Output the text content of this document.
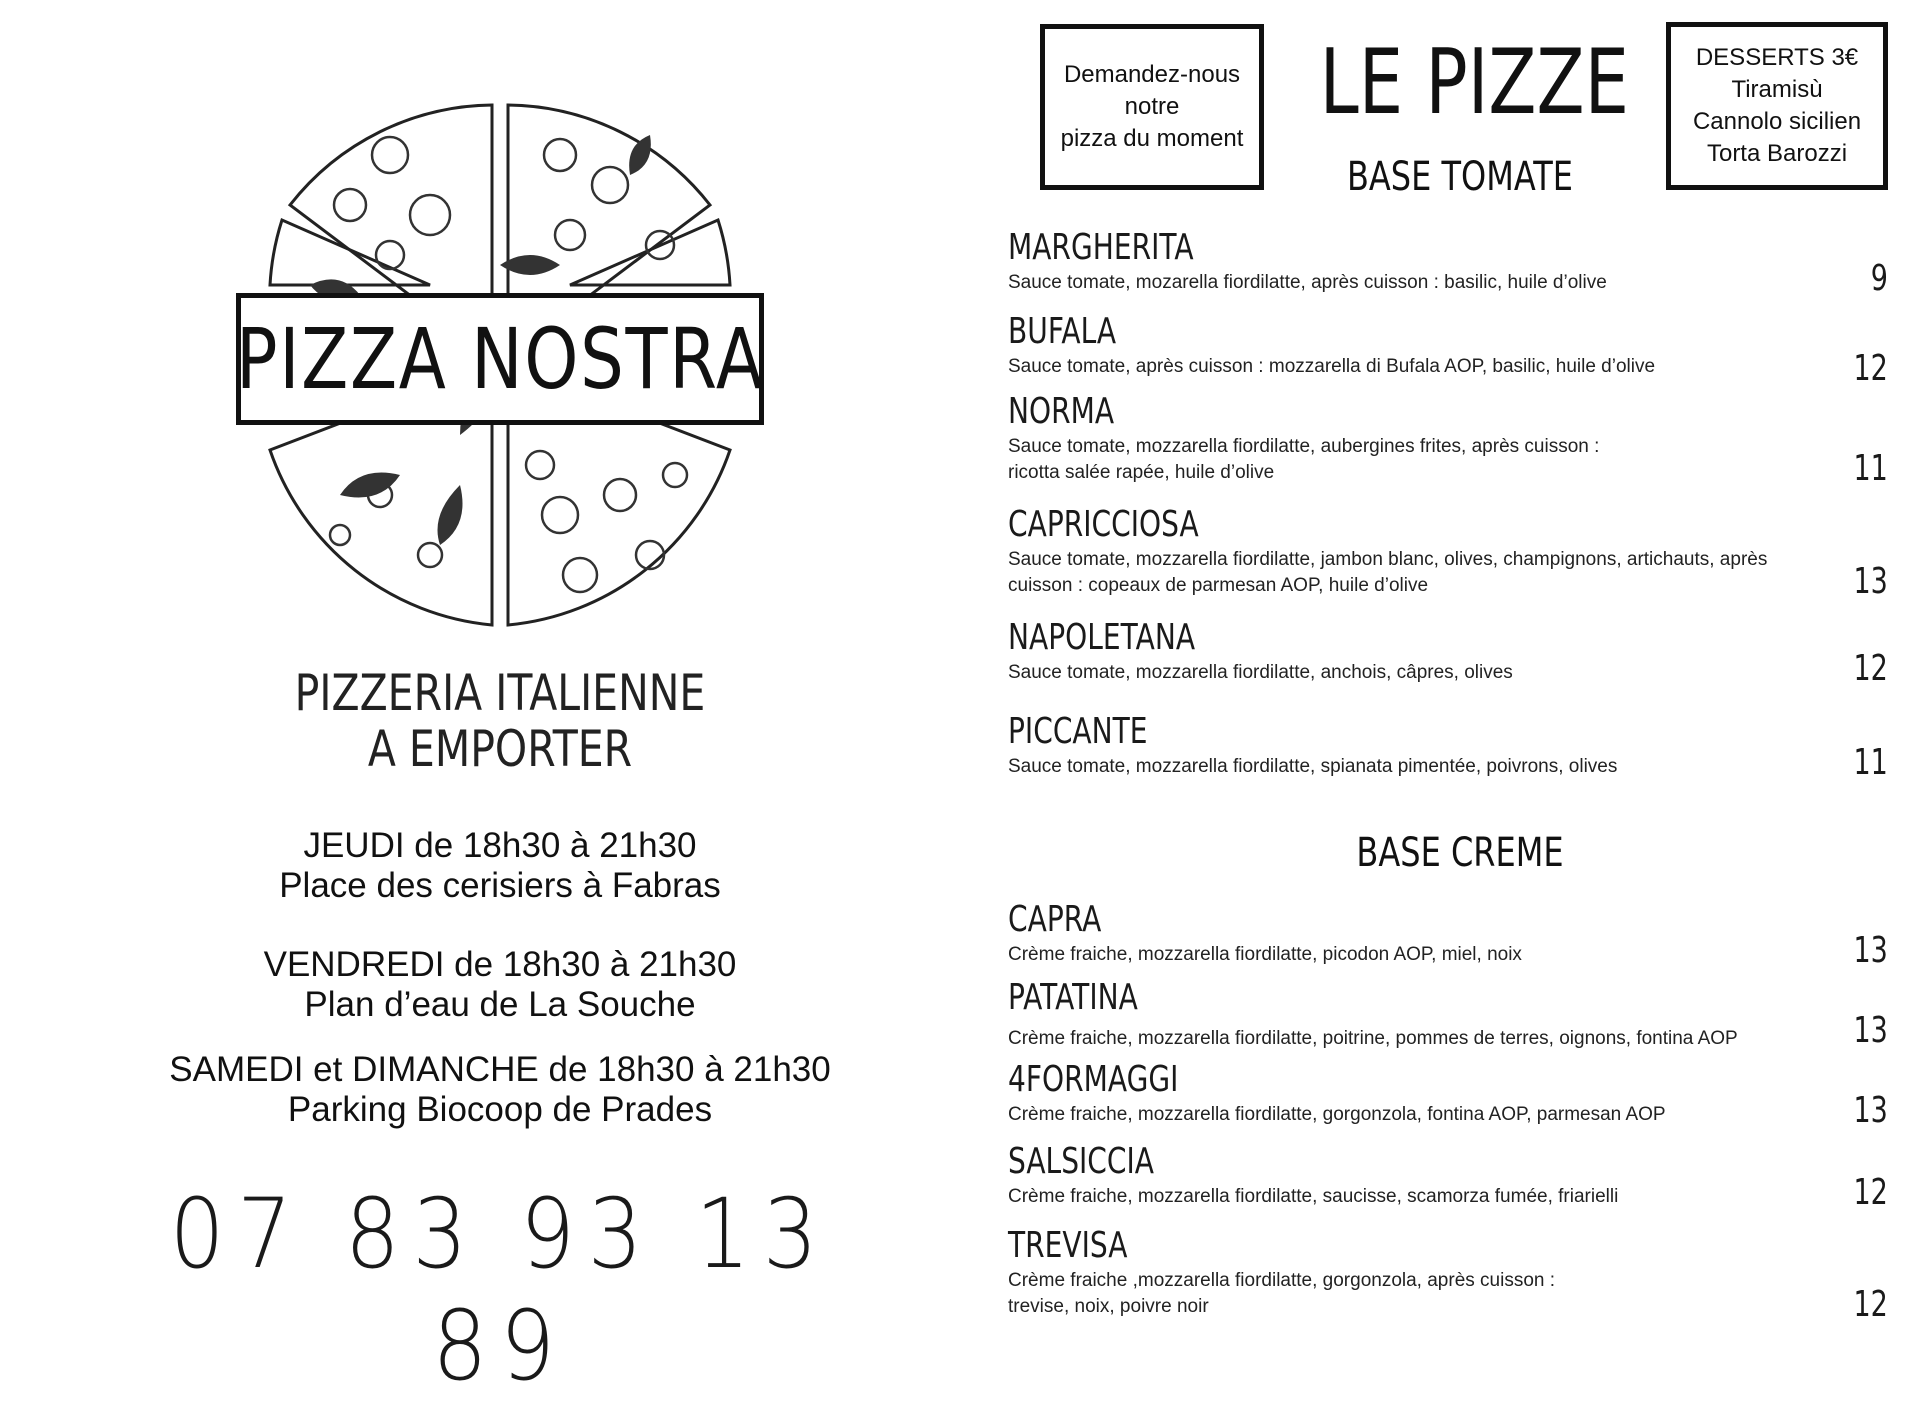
PIZZA NOSTRA
PIZZERIA ITALIENNE
A EMPORTER
JEUDI de 18h30 à 21h30
Place des cerisiers à Fabras
VENDREDI de 18h30 à 21h30
Plan d’eau de La Souche
SAMEDI et DIMANCHE de 18h30 à 21h30
Parking Biocoop de Prades
07 83 93 13 89
Demandez-nous
notre
pizza du moment
LE PIZZE	DESSERTS 3€
Tiramisù
Cannolo sicilien
Torta Barozzi
BASE TOMATE
MARGHERITA
Sauce tomate, mozarella fiordilatte, après cuisson : basilic, huile d’olive	9
BUFALA
Sauce tomate, après cuisson : mozzarella di Bufala AOP, basilic, huile d’olive	12
NORMA
Sauce tomate, mozzarella fiordilatte, aubergines frites, après cuisson : ricotta salée rapée, huile d’olive	11
CAPRICCIOSA
Sauce tomate, mozzarella fiordilatte, jambon blanc, olives, champignons, artichauts, après cuisson : copeaux de parmesan AOP, huile d’olive	13
NAPOLETANA
Sauce tomate, mozzarella fiordilatte, anchois, câpres, olives	12
PICCANTE
Sauce tomate, mozzarella fiordilatte, spianata pimentée, poivrons, olives	11
BASE CREME
CAPRA
Crème fraiche, mozzarella fiordilatte, picodon AOP, miel, noix	13
PATATINA
Crème fraiche, mozzarella fiordilatte, poitrine, pommes de terres, oignons, fontina AOP	13
4FORMAGGI
Crème fraiche, mozzarella fiordilatte, gorgonzola, fontina AOP, parmesan AOP	13
SALSICCIA
Crème fraiche, mozzarella fiordilatte, saucisse, scamorza fumée, friarielli	12
TREVISA
Crème fraiche ,mozzarella fiordilatte, gorgonzola, après cuisson : trevise, noix, poivre noir	12
